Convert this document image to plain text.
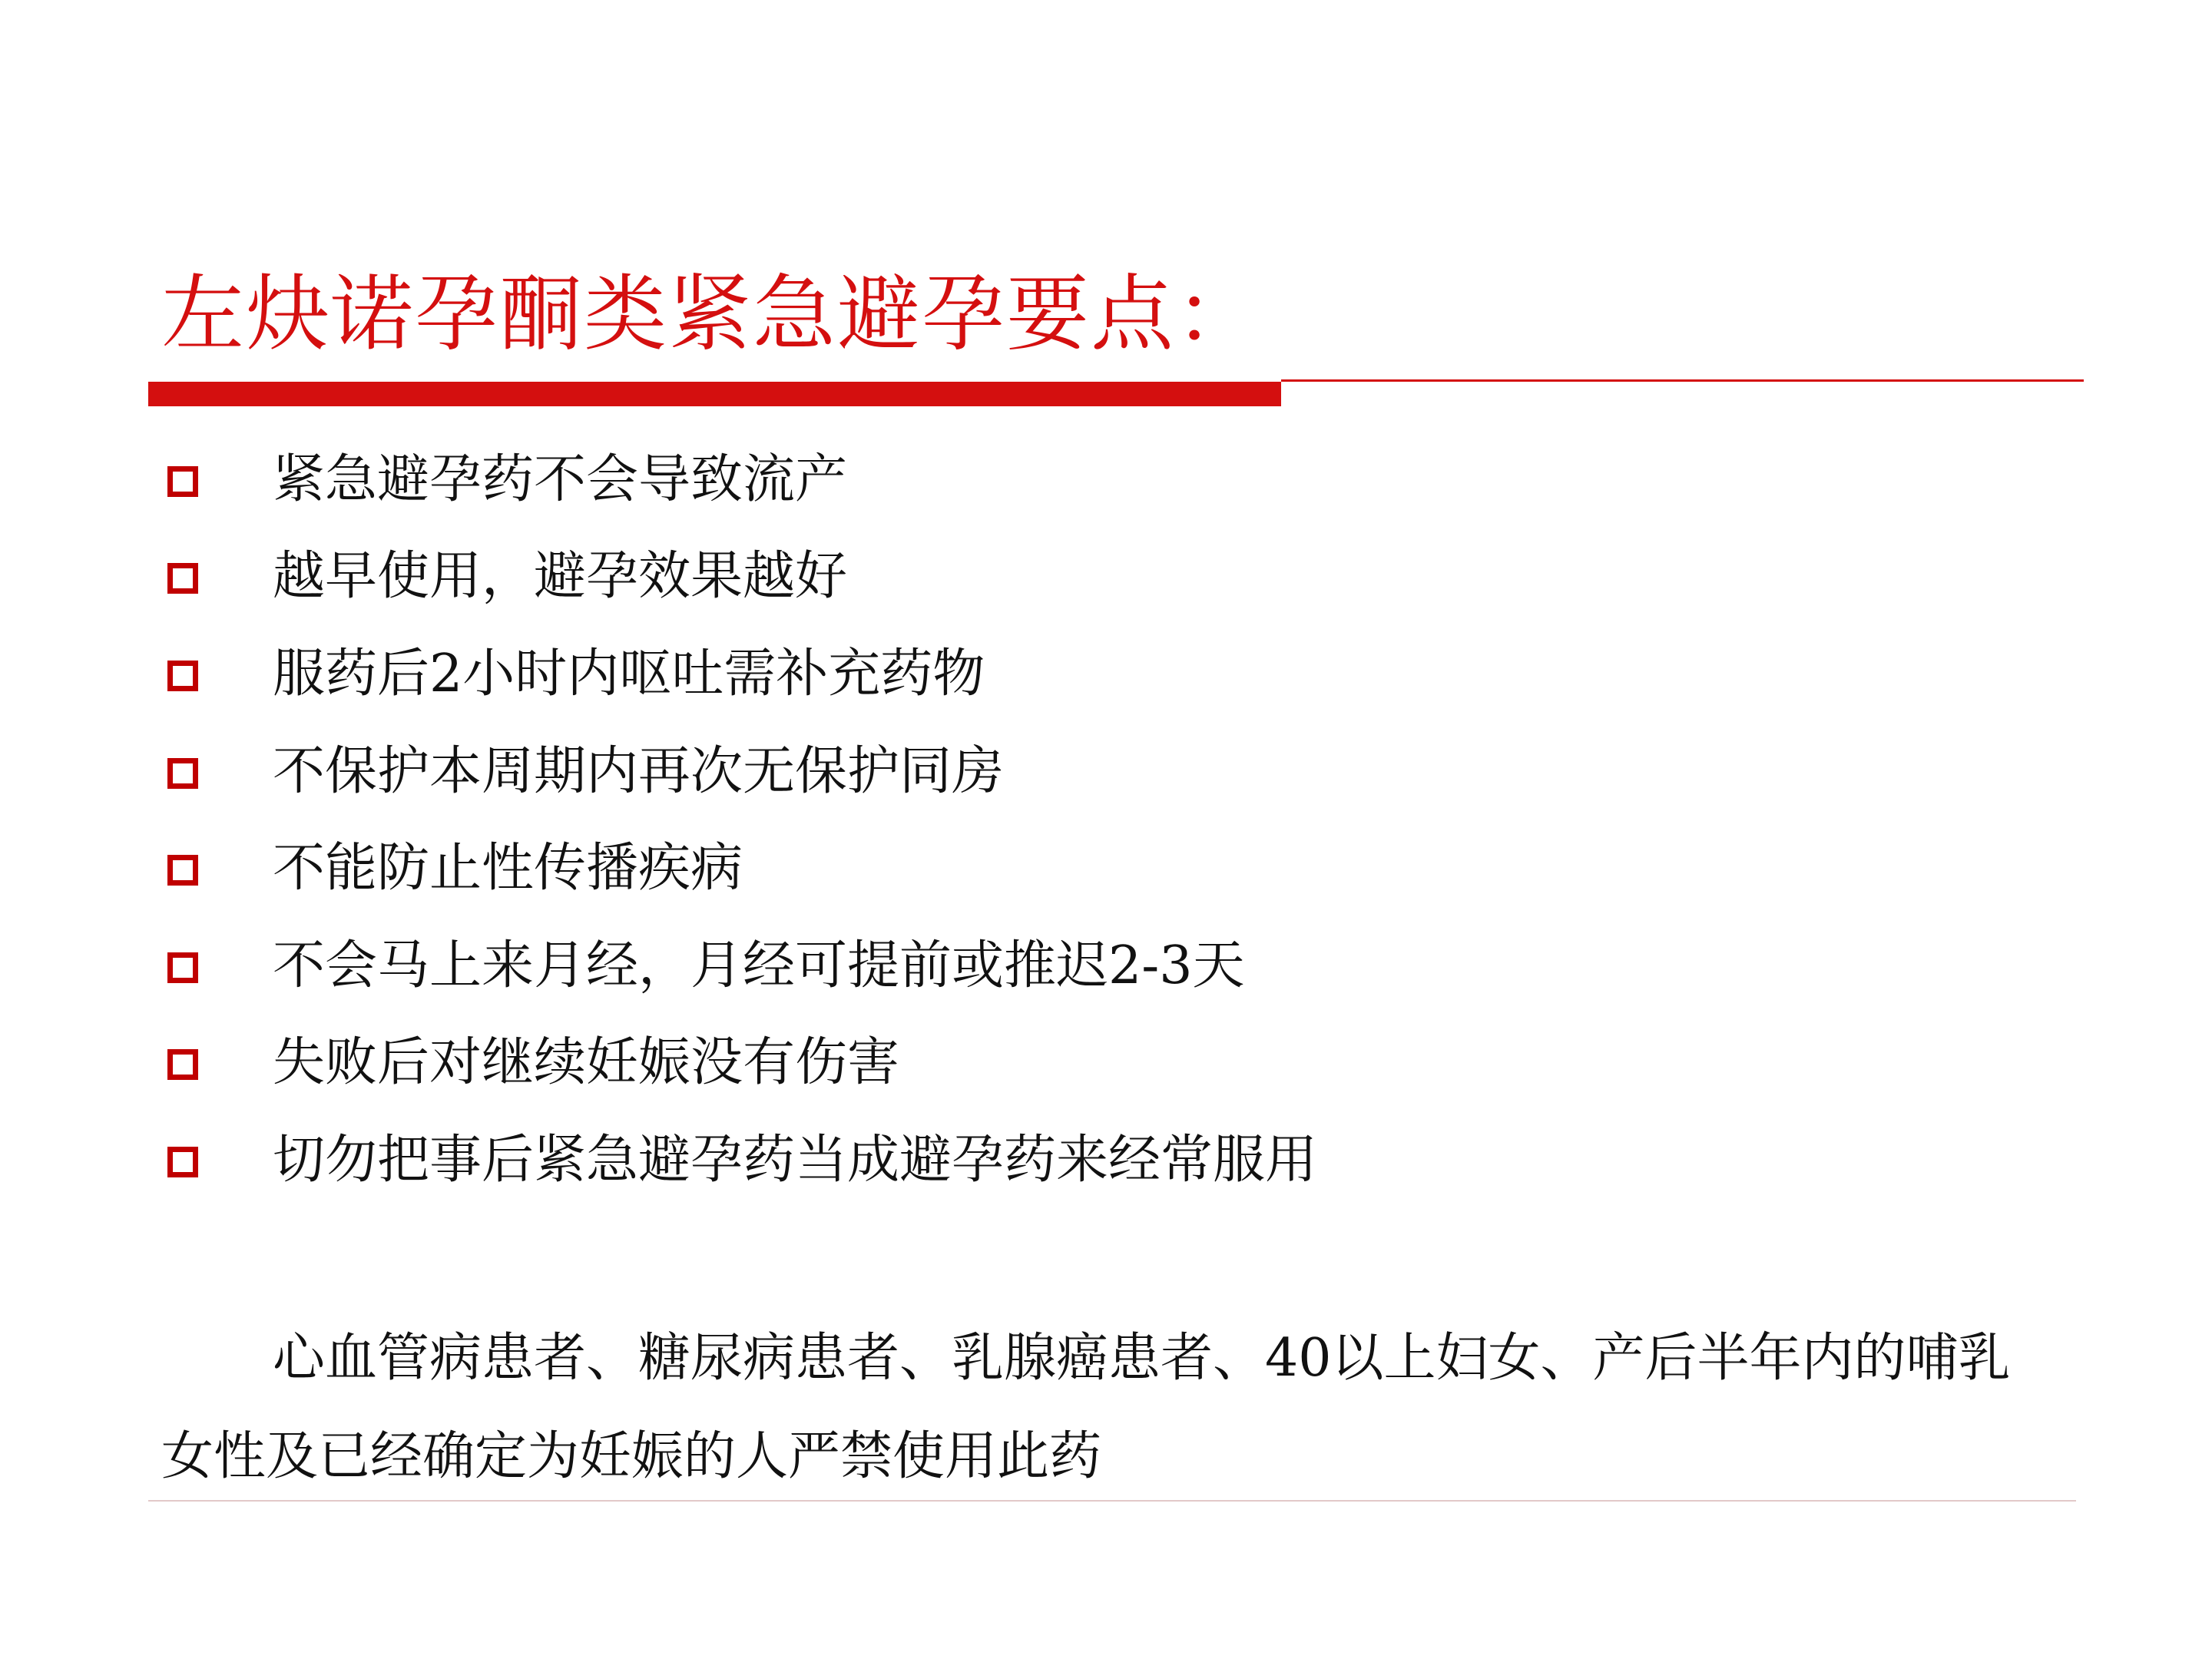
左炔诺孕酮类紧急避孕要点：
紧急避孕药不会导致流产
越早使用，避孕效果越好
服药后2小时内呕吐需补充药物
不保护本周期内再次无保护同房
不能防止性传播疾病
不会马上来月经，月经可提前或推迟2-3天
失败后对继续妊娠没有伤害
切勿把事后紧急避孕药当成避孕药来经常服用
心血管病患者、糖尿病患者、乳腺癌患者、40以上妇女、产后半年内的哺乳女性及已经确定为妊娠的人严禁使用此药
